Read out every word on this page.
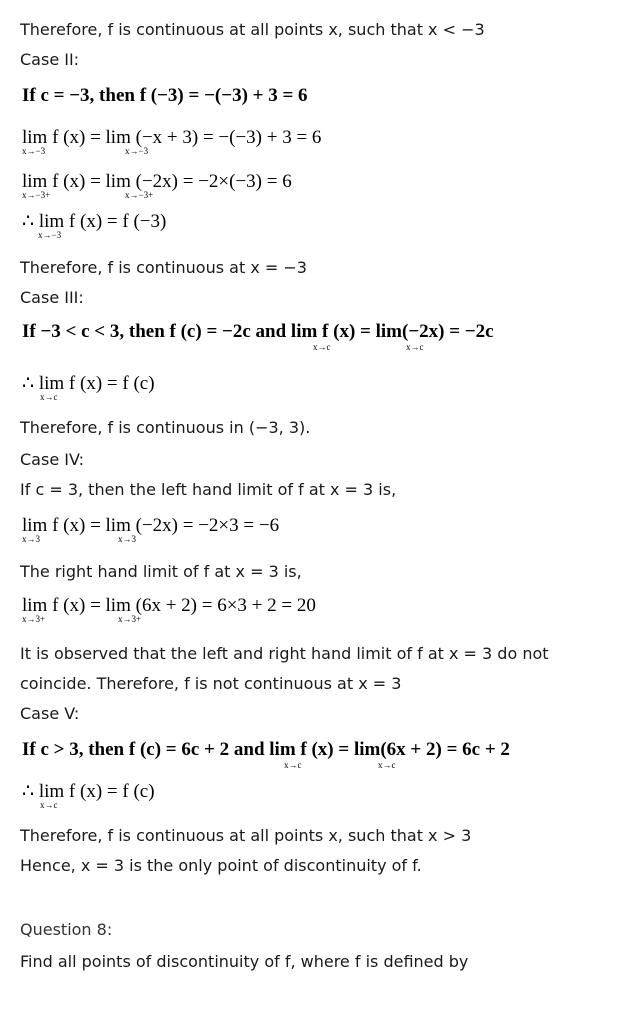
Therefore, f is continuous at all points x, such that x < −3
Case II:
If c = −3, then f (−3) = −(−3) + 3 = 6
lim f (x) = lim (−x + 3) = −(−3) + 3 = 6
x→−3	x→−3
lim f (x) = lim (−2x) = −2×(−3) = 6
x→−3+	x→−3+
∴ lim f (x) = f (−3)
x→−3
Therefore, f is continuous at x = −3
Case III:
If −3 < c < 3, then f (c) = −2c and lim f (x) = lim(−2x) = −2c
x→c	x→c
∴ lim f (x) = f (c)
x→c
Therefore, f is continuous in (−3, 3).
Case IV:
If c = 3, then the left hand limit of f at x = 3 is,
lim f (x) = lim (−2x) = −2×3 = −6
x→3	x→3
The right hand limit of f at x = 3 is,
lim f (x) = lim (6x + 2) = 6×3 + 2 = 20
x→3+	x→3+
It is observed that the left and right hand limit of f at x = 3 do not
coincide. Therefore, f is not continuous at x = 3
Case V:
If c > 3, then f (c) = 6c + 2 and lim f (x) = lim(6x + 2) = 6c + 2
x→c	x→c
∴ lim f (x) = f (c)
x→c
Therefore, f is continuous at all points x, such that x > 3
Hence, x = 3 is the only point of discontinuity of f.
Question 8:
Find all points of discontinuity of f, where f is defined by
